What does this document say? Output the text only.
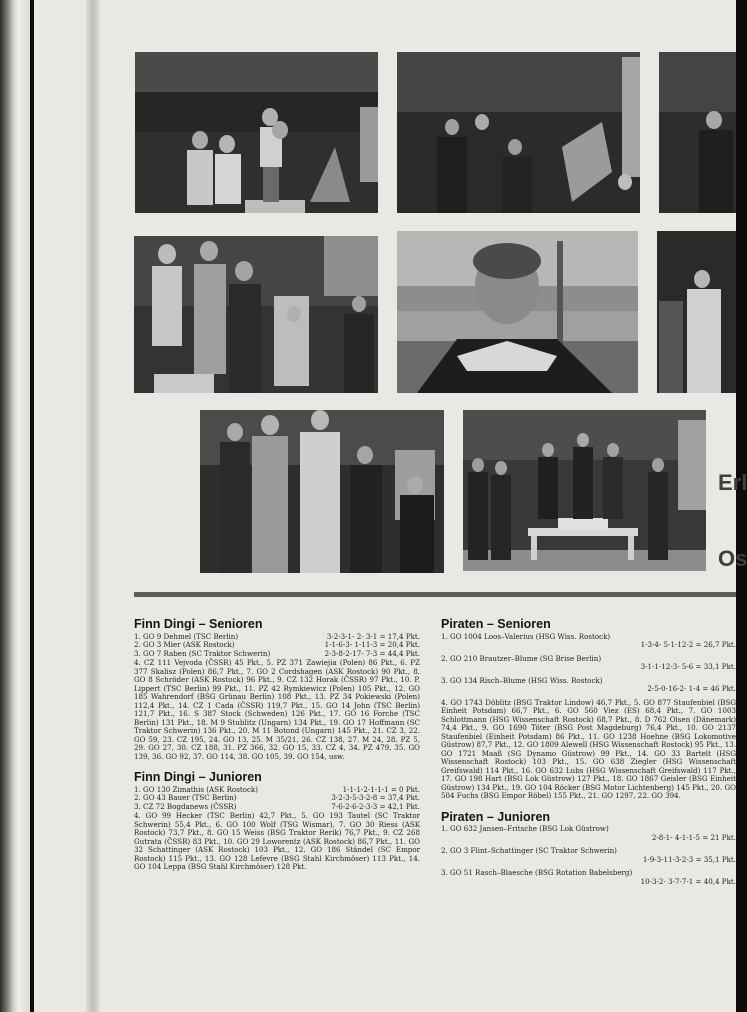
Erl
Os
Finn Dingi – Senioren
1. GO 9 Dehmel (TSC Berlin)	3-2-3-1- 2- 3-1 = 17,4 Pkt.
2. GO 3 Mier (ASK Rostock)	1-1-6-3- 1-11-3 = 20,4 Pkt.
3. GO 7 Raben (SC Traktor Schwerin)	2-3-8-2-17- 7-3 = 44,4 Pkt.

4. CZ 111 Vejvoda (ČSSR) 45 Pkt., 5. PZ 371 Zawiejia (Polen) 86 Pkt., 6. PZ 377 Skalisz (Polen) 86,7 Pkt., 7. GO 2 Cordshagen (ASK Rostock) 90 Pkt., 8. GO 8 Schröder (ASK Rostock) 96 Pkt., 9. CZ 132 Horak (ČSSR) 97 Pkt., 10. P. Lippert (TSC Berlin) 99 Pkt., 11. PZ 42 Rymkiewicz (Polen) 105 Pkt., 12. GO 185 Wahrendorf (BSG Grünau Berlin) 108 Pkt., 13. PZ 34 Pokiewski (Polen) 112,4 Pkt., 14. CZ 1 Cada (ČSSR) 119,7 Pkt., 15. GO 14 John (TSC Berlin) 121,7 Pkt., 16. S 387 Stock (Schweden) 126 Pkt., 17. GO 16 Forche (TSC Berlin) 131 Pkt., 18. M 9 Stublitz (Ungarn) 134 Pkt., 19. GO 17 Hoffmann (SC Traktor Schwerin) 136 Pkt., 20. M 11 Botond (Ungarn) 145 Pkt., 21. CZ 3, 22. GO 59, 23. CZ 195, 24. GO 13, 25. M 35/21, 26. CZ 138, 27. M 24, 28. PZ 5, 29. GO 27, 30. CZ 188, 31. PZ 366, 32. GO 15, 33. CZ 4, 34. PZ 479, 35. GO 139, 36. GO 92, 37. GO 114, 38. GO 105, 39. GO 154, usw.

Finn Dingi – Junioren
1. GO 130 Zimathis (ASK Rostock)	1-1-1-2-1-1-1 = 0 Pkt.
2. GO 43 Bauer (TSC Berlin)	3-2-3-5-3-2-8 = 37,4 Pkt.
3. CZ 72 Bogdanews (ČSSR)	7-6-2-6-2-3-3 = 42,1 Pkt.

4. GO 99 Hecker (TSC Berlin) 42,7 Pkt., 5. GO 193 Tautel (SC Traktor Schwerin) 55,4 Pkt., 6. GO 100 Wolf (TSG Wismar), 7. GO 30 Riess (ASK Rostock) 73,7 Pkt., 8. GO 15 Weiss (BSG Traktor Rerik) 76,7 Pkt., 9. CZ 268 Gutrata (ČSSR) 83 Pkt., 10. GO 29 Loworentz (ASK Rostock) 86,7 Pkt., 11. GO 32 Schattinger (ASK Rostock) 103 Pkt., 12. GO 186 Ständel (SC Empor Rostock) 115 Pkt., 13. GO 128 Lefevre (BSG Stahl Kirchmöser) 113 Pkt., 14. GO 104 Leppa (BSG Stahl Kirchmöser) 128 Pkt.

Piraten – Senioren
1. GO 1004 Loos–Valerius (HSG Wiss. Rostock)
1-3-4- 5-1-12-2 = 26,7 Pkt.
2. GO 210 Brautzer–Blume (SG Brise Berlin)
3-1-1-12-3- 5-6 = 33,1 Pkt.
3. GO 134 Risch–Blume (HSG Wiss. Rostock)
2-5-0-16-2- 1-4 = 46 Pkt.

4. GO 1743 Döblitz (BSG Traktor Lindow) 46,7 Pkt., 5. GO 877 Staufenbiel (BSG Einheit Potsdam) 66,7 Pkt., 6. GO 560 Viez (ES) 68,4 Pkt., 7. GO 1003 Schlottmann (HSG Wissenschaft Rostock) 68,7 Pkt., 8. D 762 Olsen (Dänemark) 74,4 Pkt., 9. GO 1690 Töter (BSG Post Magdeburg) 76,4 Pkt., 10. GO 2137 Staufenbiel (Einheit Potsdam) 86 Pkt., 11. GO 1238 Hoehne (BSG Lokomotive Güstrow) 87,7 Pkt., 12. GO 1809 Alewell (HSG Wissenschaft Rostock) 95 Pkt., 13. GO 1721 Maaß (SG Dynamo Güstrow) 99 Pkt., 14. GO 33 Bartelt (HSG Wissenschaft Rostock) 103 Pkt., 15. GO 638 Ziegler (HSG Wissenschaft Greifswald) 114 Pkt., 16. GO 632 Lubs (HSG Wissenschaft Greifswald) 117 Pkt., 17. GO 198 Hart (BSG Lok Güstrow) 127 Pkt., 18. GO 1867 Geisler (BSG Einheit Güstrow) 134 Pkt., 19. GO 104 Röcker (BSG Motor Lichtenberg) 145 Pkt., 20. GO 504 Fuchs (BSG Empor Röbel) 155 Pkt., 21. GO 1297, 22. GO 394.

Piraten – Junioren
1. GO 632 Jansen–Fritsche (BSG Lok Güstrow)
2-8-1- 4-1-1-5 = 21 Pkt.
2. GO 3 Flint–Schattinger (SC Traktor Schwerin)
1-9-3-11-3-2-3 = 35,1 Pkt.
3. GO 51 Rasch–Blaesche (BSG Rotation Babelsberg)
10-3-2- 3-7-7-1 = 40,4 Pkt.
